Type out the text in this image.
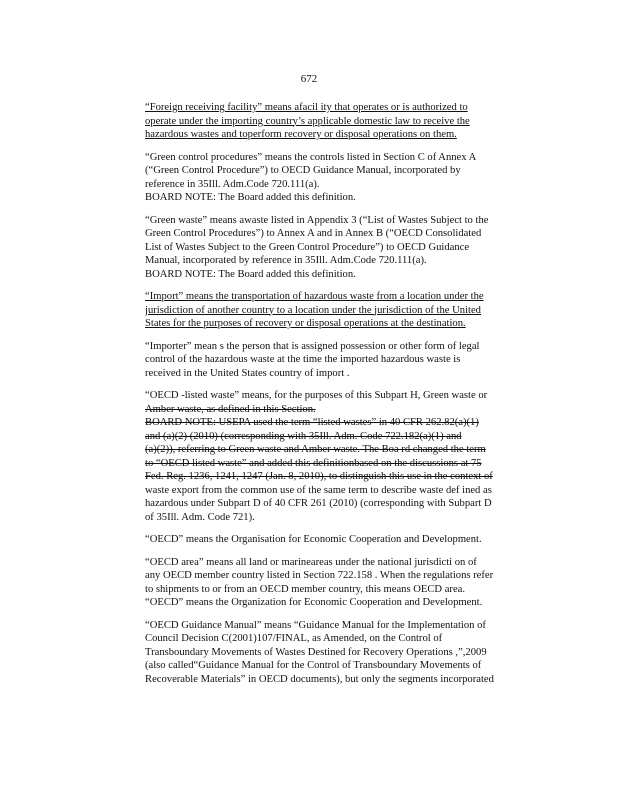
672
“Foreign receiving facility” means afacil ity that operates or is authorized to
operate under the importing country’s applicable domestic law to receive the
hazardous wastes and toperform recovery or disposal operations on them.
“Green control procedures” means the controls listed in Section C of Annex A
(“Green Control Procedure”) to OECD Guidance Manual, incorporated by
reference in 35Ill. Adm.Code 720.111(a).
BOARD NOTE: The Board added this definition.
“Green waste” means awaste listed in Appendix 3 (“List of Wastes Subject to the
Green Control Procedures”) to Annex A and in Annex B (“OECD Consolidated
List of Wastes Subject to the Green Control Procedure”) to OECD Guidance
Manual, incorporated by reference in 35Ill. Adm.Code 720.111(a).
BOARD NOTE: The Board added this definition.
“Import” means the transportation of hazardous waste from a location under the
jurisdiction of another country to a location under the jurisdiction of the United
States for the purposes of recovery or disposal operations at the destination.
“Importer” mean s the person that is assigned possession or other form of legal
control of the hazardous waste at the time the imported hazardous waste is
received in the United States country of import .
“OECD -listed waste” means, for the purposes of this Subpart H, Green waste or
Amber waste, as defined in this Section.
BOARD NOTE: USEPA used the term “listed wastes” in 40 CFR 262.82(a)(1)
and (a)(2) (2010) (corresponding with 35Ill. Adm. Code 722.182(a)(1) and
(a)(2)), referring to Green waste and Amber waste. The Boa rd changed the term
to “OECD listed waste” and added this definitionbased on the discussions at 75
Fed. Reg. 1236, 1241, 1247 (Jan. 8, 2010), to distinguish this use in the context of
waste export from the common use of the same term to describe waste def ined as
hazardous under Subpart D of 40 CFR 261 (2010) (corresponding with Subpart D
of 35Ill. Adm. Code 721).
“OECD” means the Organisation for Economic Cooperation and Development.
“OECD area” means all land or marineareas under the national jurisdicti on of
any OECD member country listed in Section 722.158 . When the regulations refer
to shipments to or from an OECD member country, this means OECD area.
“OECD” means the Organization for Economic Cooperation and Development.
“OECD Guidance Manual” means “Guidance Manual for the Implementation of
Council Decision C(2001)107/FINAL, as Amended, on the Control of
Transboundary Movements of Wastes Destined for Recovery Operations ,”,2009
(also called“Guidance Manual for the Control of Transboundary Movements of
Recoverable Materials” in OECD documents), but only the segments incorporated
